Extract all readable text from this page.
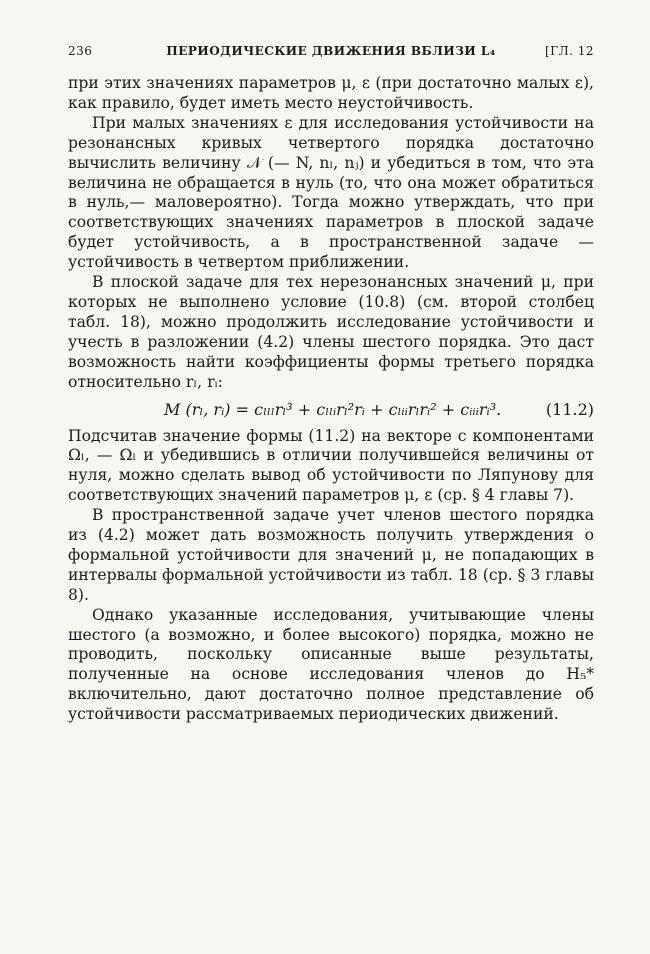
236	ПЕРИОДИЧЕСКИЕ ДВИЖЕНИЯ ВБЛИЗИ L₄	[ГЛ. 12

при этих значениях параметров μ, ε (при достаточно малых ε), как правило, будет иметь место неустойчивость.

При малых значениях ε для исследования устойчивости на резонансных кривых четвертого порядка достаточно вычислить величину 𝒩 (— N, nₗ, nⱼ) и убедиться в том, что эта величина не обращается в нуль (то, что она может обратиться в нуль,— маловероятно). Тогда можно утверждать, что при соответствующих значениях параметров в плоской задаче будет устойчивость, а в пространственной задаче — устойчивость в четвертом приближении.

В плоской задаче для тех нерезонансных значений μ, при которых не выполнено условие (10.8) (см. второй столбец табл. 18), можно продолжить исследование устойчивости и учесть в разложении (4.2) члены шестого порядка. Это даст возможность найти коэффициенты формы третьего порядка относительно rₗ, rᵢ:

M (rₗ, rᵢ) = cₗₗₗrₗ³ + cₗₗᵢrₗ²rᵢ + cₗᵢᵢrₗrᵢ² + cᵢᵢᵢrᵢ³.	(11.2)

Подсчитав значение формы (11.2) на векторе с компонентами Ωₗ, — Ωₗ и убедившись в отличии получившейся величины от нуля, можно сделать вывод об устойчивости по Ляпунову для соответствующих значений параметров μ, ε (ср. § 4 главы 7).

В пространственной задаче учет членов шестого порядка из (4.2) может дать возможность получить утверждения о формальной устойчивости для значений μ, не попадающих в интервалы формальной устойчивости из табл. 18 (ср. § 3 главы 8).

Однако указанные исследования, учитывающие члены шестого (а возможно, и более высокого) порядка, можно не проводить, поскольку описанные выше результаты, полученные на основе исследования членов до H₅* включительно, дают достаточно полное представление об устойчивости рассматриваемых периодических движений.
